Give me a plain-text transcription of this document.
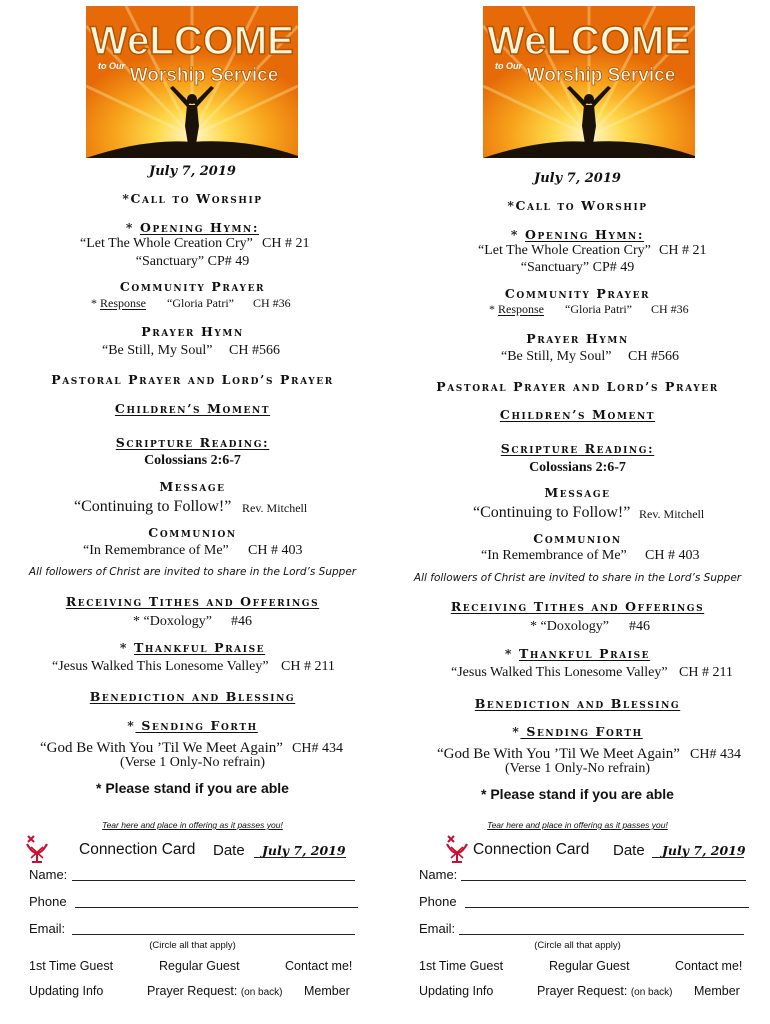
WeLCOME
to Our Worship Service
July 7, 2019
*Call to Worship
* Opening Hymn:
“Let The Whole Creation Cry” CH # 21
“Sanctuary” CP# 49
Community Prayer
* Response “Gloria Patri” CH #36
Prayer Hymn
“Be Still, My Soul” CH #566
Pastoral Prayer and Lord’s Prayer
Children’s Moment
Scripture Reading:
Colossians 2:6-7
Message
“Continuing to Follow!” Rev. Mitchell
Communion
“In Remembrance of Me” CH # 403
All followers of Christ are invited to share in the Lord’s Supper
Receiving Tithes and Offerings
* “Doxology” #46
* Thankful Praise
“Jesus Walked This Lonesome Valley” CH # 211
Benediction and Blessing
* Sending Forth
“God Be With You ’Til We Meet Again” CH# 434
(Verse 1 Only-No refrain)
* Please stand if you are able
Tear here and place in offering as it passes you!
Connection Card Date July 7, 2019
Name:
Phone
Email:
(Circle all that apply)
1st Time Guest	Regular Guest	Contact me!
Updating Info	Prayer Request: (on back) Member
WeLCOME
to Our Worship Service
July 7, 2019
*Call to Worship
* Opening Hymn:
“Let The Whole Creation Cry” CH # 21
“Sanctuary” CP# 49
Community Prayer
* Response “Gloria Patri” CH #36
Prayer Hymn
“Be Still, My Soul” CH #566
Pastoral Prayer and Lord’s Prayer
Children’s Moment
Scripture Reading:
Colossians 2:6-7
Message
“Continuing to Follow!” Rev. Mitchell
Communion
“In Remembrance of Me” CH # 403
All followers of Christ are invited to share in the Lord’s Supper
Receiving Tithes and Offerings
* “Doxology” #46
* Thankful Praise
“Jesus Walked This Lonesome Valley” CH # 211
Benediction and Blessing
* Sending Forth
“God Be With You ’Til We Meet Again” CH# 434
(Verse 1 Only-No refrain)
* Please stand if you are able
Tear here and place in offering as it passes you!
Connection Card Date July 7, 2019
Name:
Phone
Email:
(Circle all that apply)
1st Time Guest	Regular Guest	Contact me!
Updating Info	Prayer Request: (on back) Member
